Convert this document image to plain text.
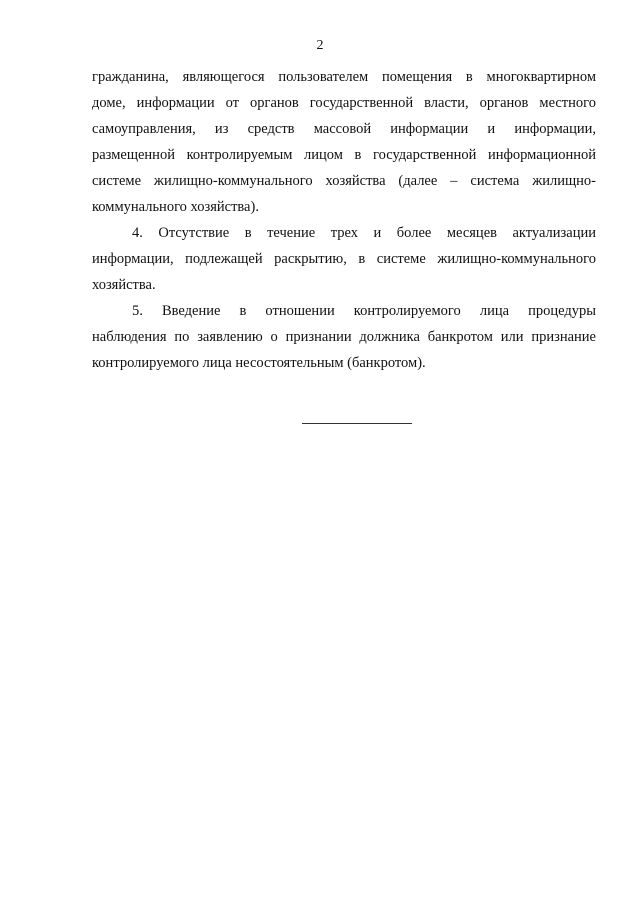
2
гражданина, являющегося пользователем помещения в многоквартирном
доме, информации от органов государственной власти, органов местного
самоуправления, из средств массовой информации и информации,
размещенной контролируемым лицом в государственной информационной
системе жилищно-коммунального хозяйства (далее – система жилищно-
коммунального хозяйства).
4. Отсутствие в течение трех и более месяцев актуализации
информации, подлежащей раскрытию, в системе жилищно-коммунального
хозяйства.
5. Введение в отношении контролируемого лица процедуры
наблюдения по заявлению о признании должника банкротом или признание
контролируемого лица несостоятельным (банкротом).
